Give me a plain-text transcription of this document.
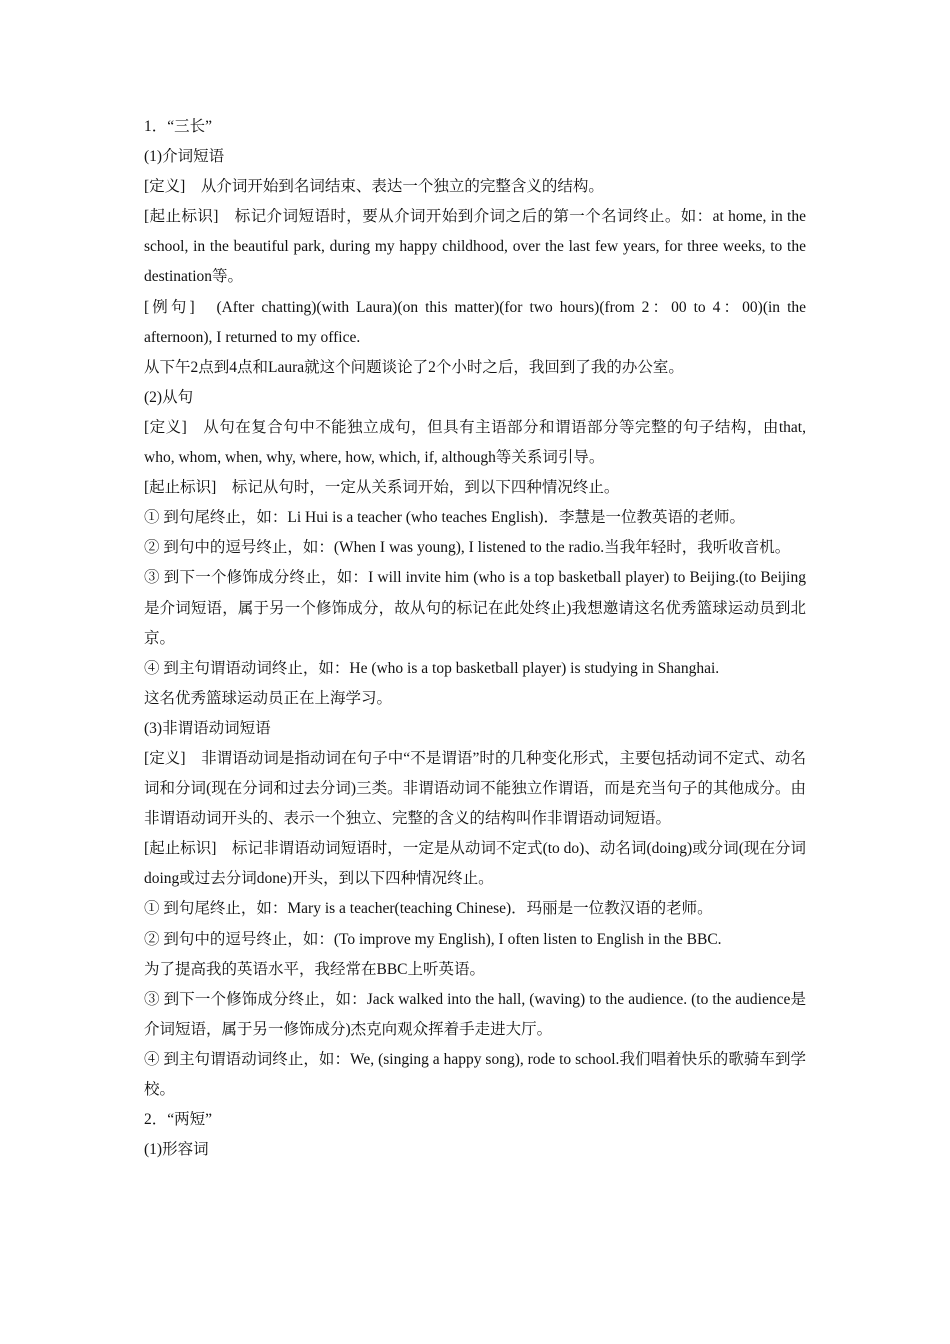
1．“三长”

(1)介词短语

[定义]　从介词开始到名词结束、表达一个独立的完整含义的结构。

[起止标识]　标记介词短语时，要从介词开始到介词之后的第一个名词终止。如：at home, in the school, in the beautiful park, during my happy childhood, over the last few years, for three weeks, to the destination等。

[例句]　(After chatting)(with Laura)(on this matter)(for two hours)(from 2：00 to 4：00)(in the afternoon), I returned to my office.

从下午2点到4点和Laura就这个问题谈论了2个小时之后，我回到了我的办公室。

(2)从句

[定义]　从句在复合句中不能独立成句，但具有主语部分和谓语部分等完整的句子结构，由that, who, whom, when, why, where, how, which, if, although等关系词引导。

[起止标识]　标记从句时，一定从关系词开始，到以下四种情况终止。

① 到句尾终止，如：Li Hui is a teacher (who teaches English)．李慧是一位教英语的老师。

② 到句中的逗号终止，如：(When I was young), I listened to the radio.当我年轻时，我听收音机。

③ 到下一个修饰成分终止，如：I will invite him (who is a top basketball player) to Beijing.(to Beijing是介词短语，属于另一个修饰成分，故从句的标记在此处终止)我想邀请这名优秀篮球运动员到北京。

④ 到主句谓语动词终止，如：He (who is a top basketball player) is studying in Shanghai.

这名优秀篮球运动员正在上海学习。

(3)非谓语动词短语

[定义]　非谓语动词是指动词在句子中“不是谓语”时的几种变化形式，主要包括动词不定式、动名词和分词(现在分词和过去分词)三类。非谓语动词不能独立作谓语，而是充当句子的其他成分。由非谓语动词开头的、表示一个独立、完整的含义的结构叫作非谓语动词短语。

[起止标识]　标记非谓语动词短语时，一定是从动词不定式(to do)、动名词(doing)或分词(现在分词doing或过去分词done)开头，到以下四种情况终止。

① 到句尾终止，如：Mary is a teacher(teaching Chinese)．玛丽是一位教汉语的老师。

② 到句中的逗号终止，如：(To improve my English), I often listen to English in the BBC.

为了提高我的英语水平，我经常在BBC上听英语。

③ 到下一个修饰成分终止，如：Jack walked into the hall, (waving) to the audience. (to the audience是介词短语，属于另一修饰成分)杰克向观众挥着手走进大厅。

④ 到主句谓语动词终止，如：We, (singing a happy song), rode to school.我们唱着快乐的歌骑车到学校。

2．“两短”

(1)形容词
